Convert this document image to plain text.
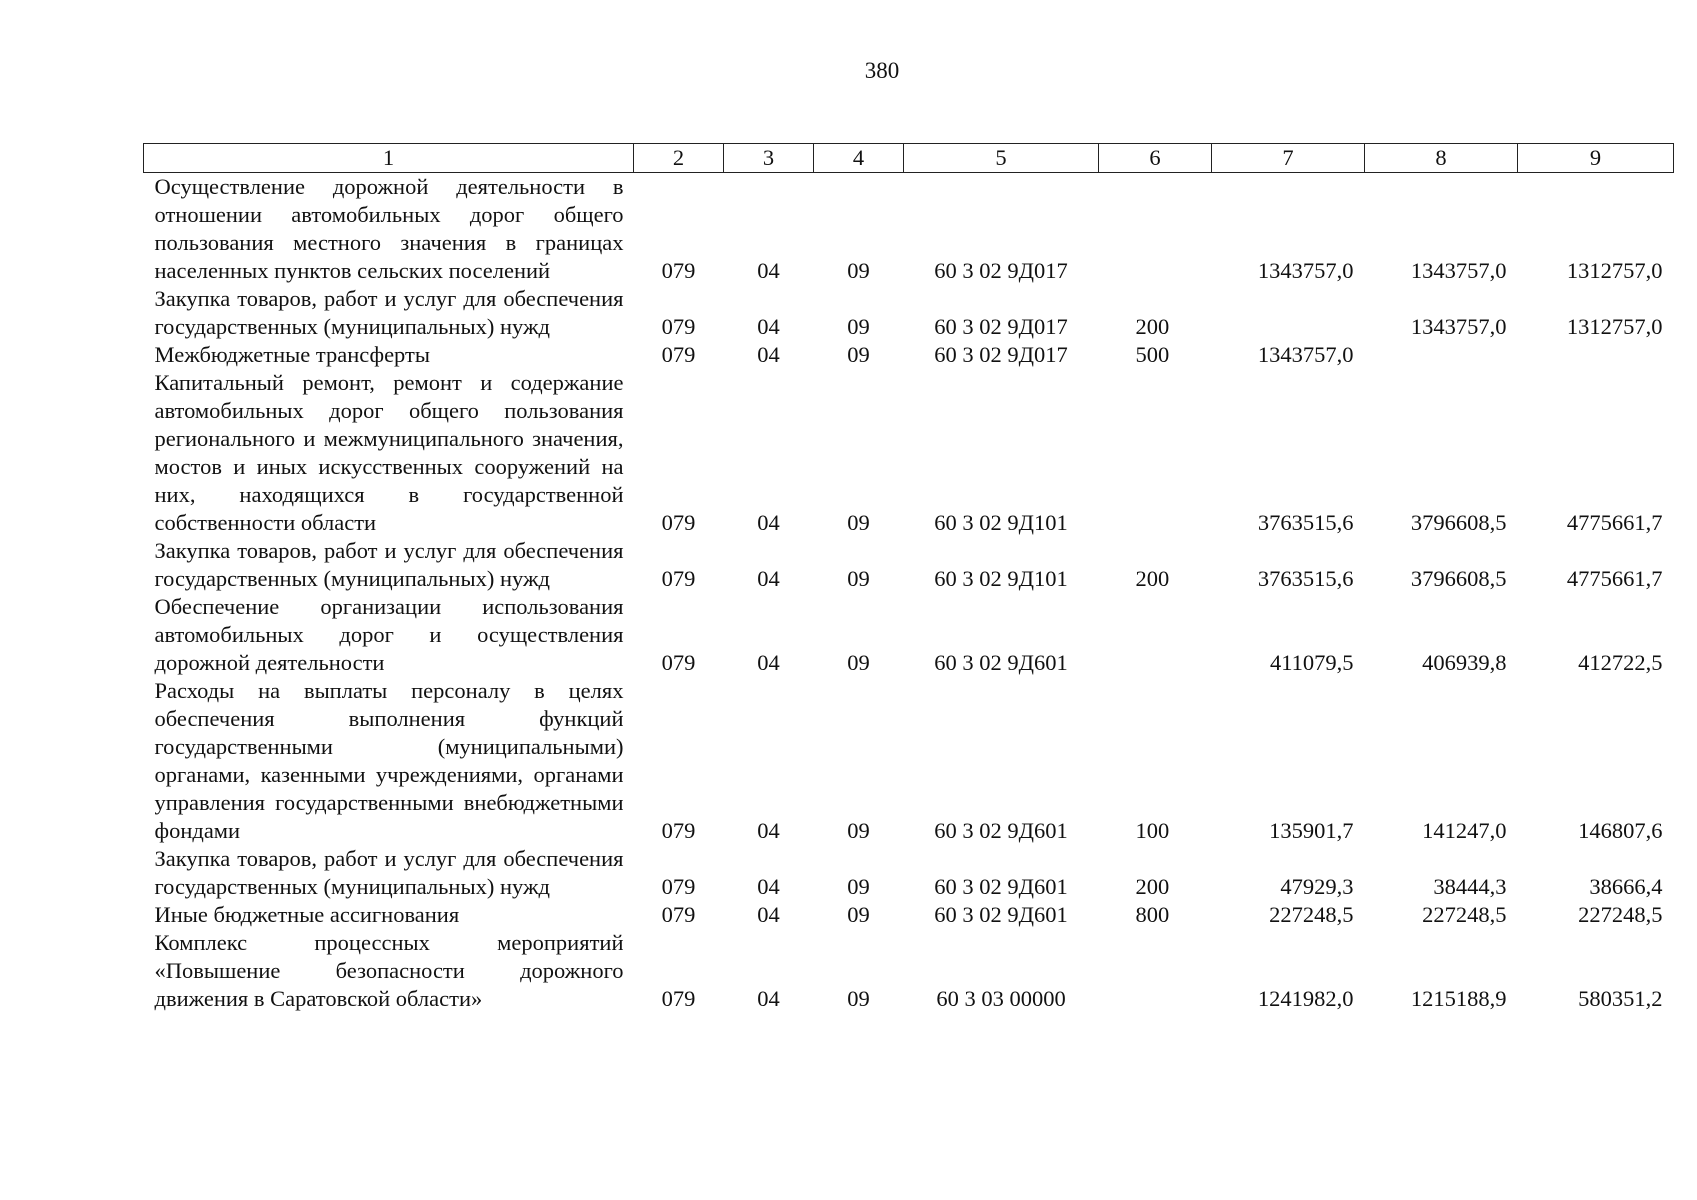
380
1	2	3	4	5	6	7	8	9
Осуществление дорожной деятельности в отношении автомобильных дорог общего пользования местного значения в границах населенных пунктов сельских поселений	079	04	09	60 3 02 9Д017		1343757,0	1343757,0	1312757,0
Закупка товаров, работ и услуг для обеспечения государственных (муниципальных) нужд	079	04	09	60 3 02 9Д017	200		1343757,0	1312757,0
Межбюджетные трансферты	079	04	09	60 3 02 9Д017	500	1343757,0		
Капитальный ремонт, ремонт и содержание автомобильных дорог общего пользования регионального и межмуниципального значения, мостов и иных искусственных сооружений на них, находящихся в государственной собственности области	079	04	09	60 3 02 9Д101		3763515,6	3796608,5	4775661,7
Закупка товаров, работ и услуг для обеспечения государственных (муниципальных) нужд	079	04	09	60 3 02 9Д101	200	3763515,6	3796608,5	4775661,7
Обеспечение организации использования автомобильных дорог и осуществления дорожной деятельности	079	04	09	60 3 02 9Д601		411079,5	406939,8	412722,5
Расходы на выплаты персоналу в целях обеспечения выполнения функций государственными (муниципальными) органами, казенными учреждениями, органами управления государственными внебюджетными фондами	079	04	09	60 3 02 9Д601	100	135901,7	141247,0	146807,6
Закупка товаров, работ и услуг для обеспечения государственных (муниципальных) нужд	079	04	09	60 3 02 9Д601	200	47929,3	38444,3	38666,4
Иные бюджетные ассигнования	079	04	09	60 3 02 9Д601	800	227248,5	227248,5	227248,5
Комплекс процессных мероприятий «Повышение безопасности дорожного движения в Саратовской области»	079	04	09	60 3 03 00000		1241982,0	1215188,9	580351,2
